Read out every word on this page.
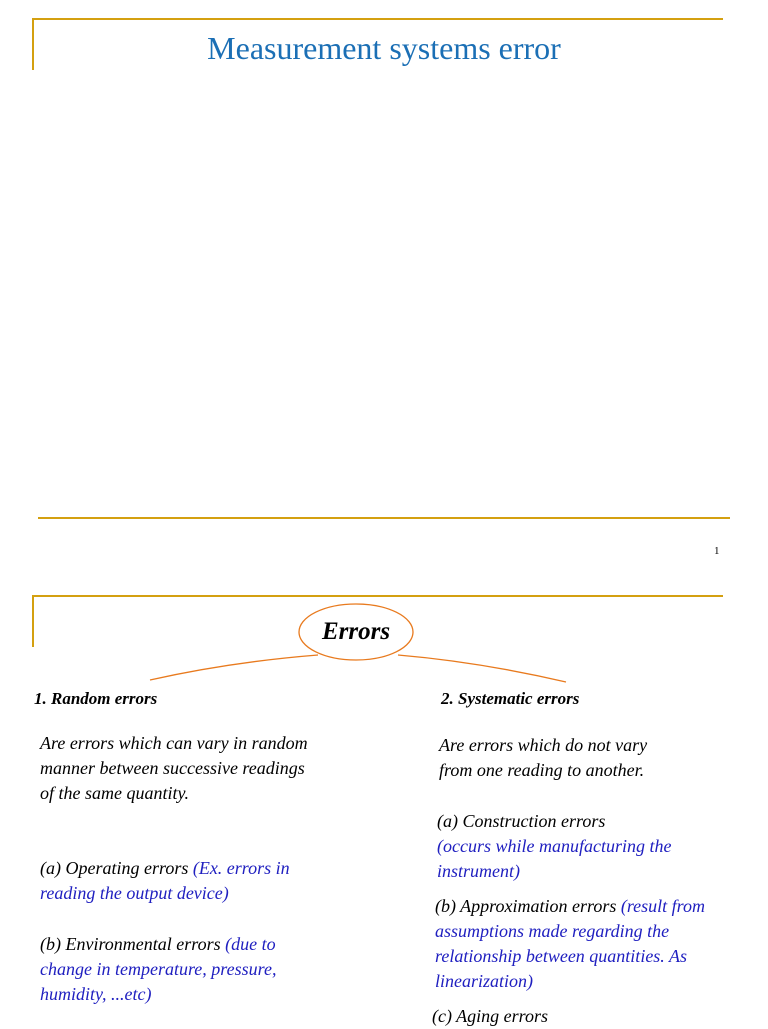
Measurement systems error
1
Errors
1. Random errors
Are errors which can vary in random
manner between successive readings
of the same quantity.
(a) Operating errors (Ex. errors in
reading the output device)
(b) Environmental errors (due to
change in temperature, pressure,
humidity, ...etc)
2. Systematic errors
Are errors which do not vary
from one reading to another.
(a) Construction errors
(occurs while manufacturing the
instrument)
(b) Approximation errors (result from
assumptions made regarding the
relationship between quantities. As
linearization)
(c) Aging errors
